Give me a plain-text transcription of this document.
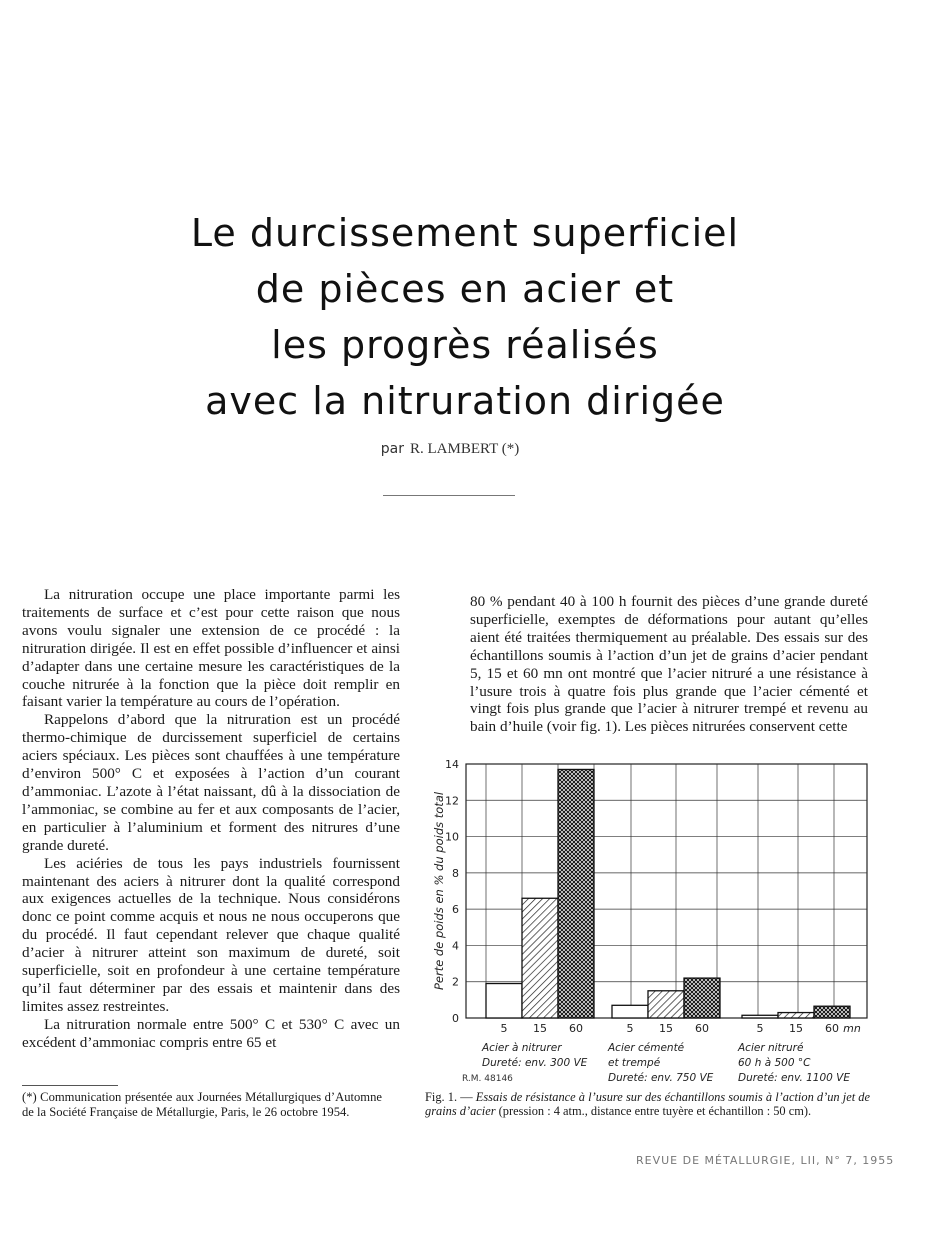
Le durcissement superficiel
de pièces en acier et
les progrès réalisés
avec la nitruration dirigée
par R. LAMBERT (*)

La nitruration occupe une place importante parmi les traitements de surface et c’est pour cette raison que nous avons voulu signaler une extension de ce procédé : la nitruration dirigée. Il est en effet possible d’influencer et ainsi d’adapter dans une certaine mesure les caractéristiques de la couche nitrurée à la fonction que la pièce doit remplir en faisant varier la température au cours de l’opération.

Rappelons d’abord que la nitruration est un procédé thermo-chimique de durcissement superficiel de certains aciers spéciaux. Les pièces sont chauffées à une température d’environ 500° C et exposées à l’action d’un courant d’ammoniac. L’azote à l’état naissant, dû à la dissociation de l’ammoniac, se combine au fer et aux composants de l’acier, en particulier à l’aluminium et forment des nitrures d’une grande dureté.

Les aciéries de tous les pays industriels fournissent maintenant des aciers à nitrurer dont la qualité correspond aux exigences actuelles de la technique. Nous considérons donc ce point comme acquis et nous ne nous occuperons que du procédé. Il faut cependant relever que chaque qualité d’acier à nitrurer atteint son maximum de dureté, soit superficielle, soit en profondeur à une certaine température qu’il faut déterminer par des essais et maintenir dans des limites assez restreintes.

La nitruration normale entre 500° C et 530° C avec un excédent d’ammoniac compris entre 65 et

80 % pendant 40 à 100 h fournit des pièces d’une grande dureté superficielle, exemptes de déformations pour autant qu’elles aient été traitées thermiquement au préalable. Des essais sur des échantillons soumis à l’action d’un jet de grains d’acier pendant 5, 15 et 60 mn ont montré que l’acier nitruré a une résistance à l’usure trois à quatre fois plus grande que l’acier cémenté et vingt fois plus grande que l’acier à nitrurer trempé et revenu au bain d’huile (voir fig. 1). Les pièces nitrurées conservent cette

0
2
4
6
8
10
12
14
Perte de poids en % du poids total
5 15 60
Acier à nitrurer
Dureté: env. 300 VE
5 15 60
Acier cémenté
et trempé
Dureté: env. 750 VE
5 15 60
Acier nitruré
60 h à 500 °C
Dureté: env. 1100 VE
mn
R.M. 48146
Fig. 1. — Essais de résistance à l’usure sur des échantillons soumis à l’action d’un jet de grains d’acier (pression : 4 atm., distance entre tuyère et échantillon : 50 cm).
(*) Communication présentée aux Journées Métallurgiques d’Automne de la Société Française de Métallurgie, Paris, le 26 octobre 1954.
REVUE DE MÉTALLURGIE, LII, N° 7, 1955
